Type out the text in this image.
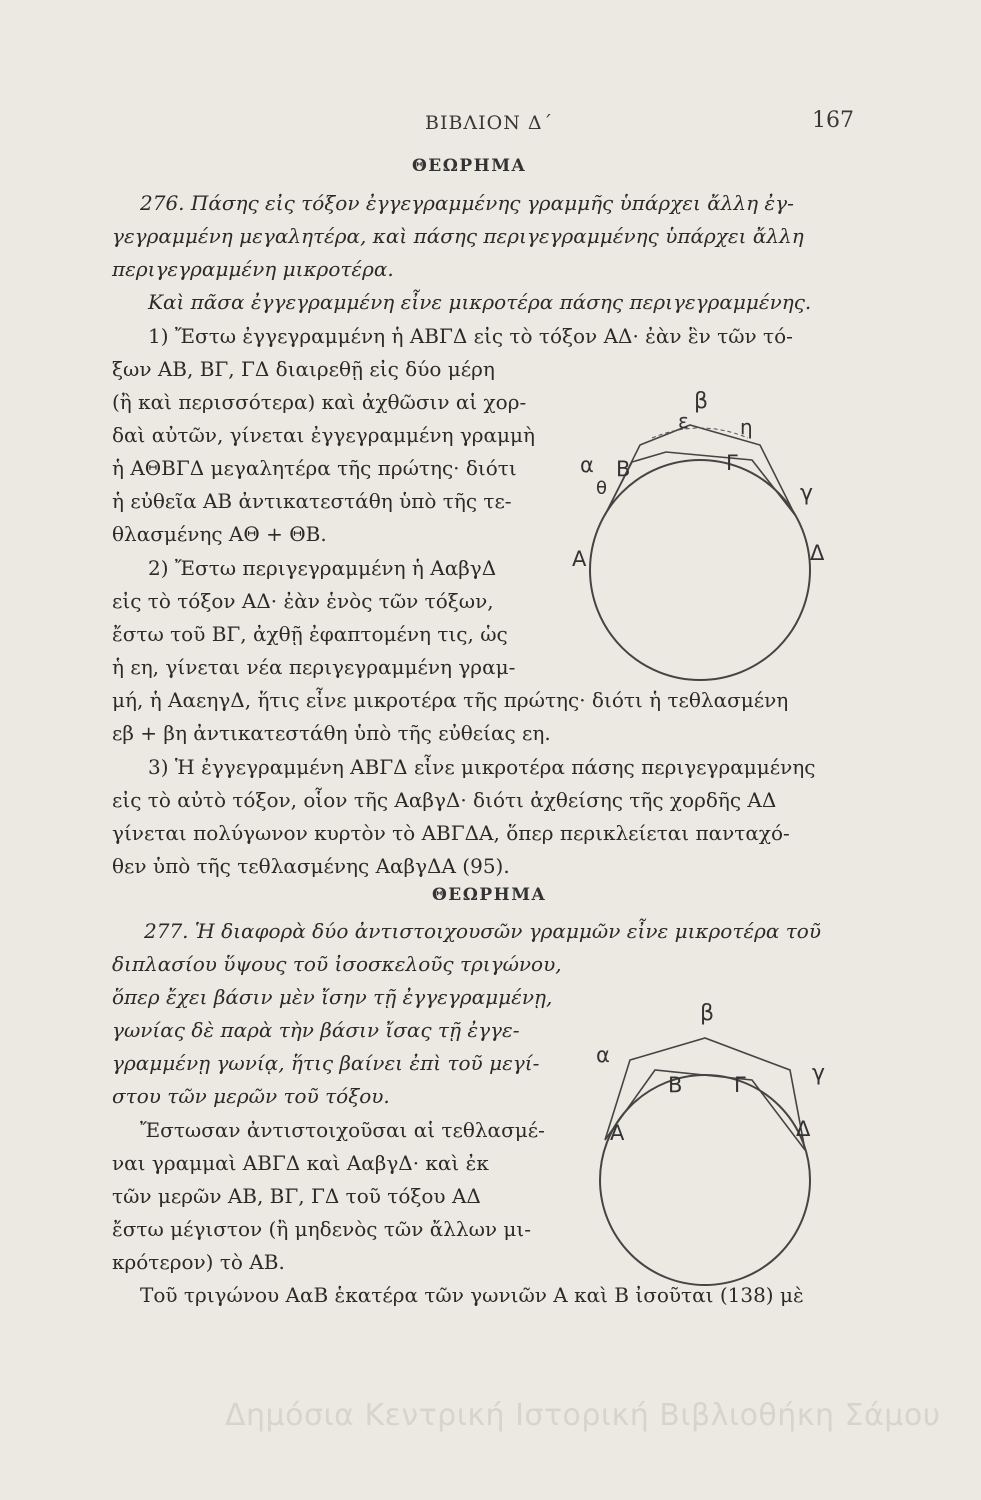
ΒΙΒΛΙΟΝ Δ΄	167
ΘΕΩΡΗΜΑ
276. Πάσης εἰς τόξον ἐγγεγραμμένης γραμμῆς ὑπάρχει ἄλλη ἐγ-
γεγραμμένη μεγαλητέρα, καὶ πάσης περιγεγραμμένης ὑπάρχει ἄλλη
περιγεγραμμένη μικροτέρα.
Καὶ πᾶσα ἐγγεγραμμένη εἶνε μικροτέρα πάσης περιγεγραμμένης.
1) Ἔστω ἐγγεγραμμένη ἡ ΑΒΓΔ εἰς τὸ τόξον ΑΔ· ἐὰν ἓν τῶν τό-
ξων ΑΒ, ΒΓ, ΓΔ διαιρεθῇ εἰς δύο μέρη
(ἢ καὶ περισσότερα) καὶ ἀχθῶσιν αἱ χορ-
δαὶ αὐτῶν, γίνεται ἐγγεγραμμένη γραμμὴ
ἡ ΑΘΒΓΔ μεγαλητέρα τῆς πρώτης· διότι
ἡ εὐθεῖα ΑΒ ἀντικατεστάθη ὑπὸ τῆς τε-
θλασμένης ΑΘ + ΘΒ.
2) Ἔστω περιγεγραμμένη ἡ ΑαβγΔ
εἰς τὸ τόξον ΑΔ· ἐὰν ἑνὸς τῶν τόξων,
ἔστω τοῦ ΒΓ, ἀχθῇ ἐφαπτομένη τις, ὡς
ἡ εη, γίνεται νέα περιγεγραμμένη γραμ-
μή, ἡ ΑαεηγΔ, ἥτις εἶνε μικροτέρα τῆς πρώτης· διότι ἡ τεθλασμένη
εβ + βη ἀντικατεστάθη ὑπὸ τῆς εὐθείας εη.
3) Ἡ ἐγγεγραμμένη ΑΒΓΔ εἶνε μικροτέρα πάσης περιγεγραμμένης
εἰς τὸ αὐτὸ τόξον, οἷον τῆς ΑαβγΔ· διότι ἀχθείσης τῆς χορδῆς ΑΔ
γίνεται πολύγωνον κυρτὸν τὸ ΑΒΓΔΑ, ὅπερ περικλείεται πανταχό-
θεν ὑπὸ τῆς τεθλασμένης ΑαβγΔΑ (95).
ΘΕΩΡΗΜΑ
277. Ἡ διαφορὰ δύο ἀντιστοιχουσῶν γραμμῶν εἶνε μικροτέρα τοῦ
διπλασίου ὕψους τοῦ ἰσοσκελοῦς τριγώνου,
ὅπερ ἔχει βάσιν μὲν ἴσην τῇ ἐγγεγραμμένῃ,
γωνίας δὲ παρὰ τὴν βάσιν ἴσας τῇ ἐγγε-
γραμμένῃ γωνίᾳ, ἥτις βαίνει ἐπὶ τοῦ μεγί-
στου τῶν μερῶν τοῦ τόξου.
Ἔστωσαν ἀντιστοιχοῦσαι αἱ τεθλασμέ-
ναι γραμμαὶ ΑΒΓΔ καὶ ΑαβγΔ· καὶ ἐκ
τῶν μερῶν ΑΒ, ΒΓ, ΓΔ τοῦ τόξου ΑΔ
ἔστω μέγιστον (ἢ μηδενὸς τῶν ἄλλων μι-
κρότερον) τὸ ΑΒ.
Τοῦ τριγώνου ΑαΒ ἑκατέρα τῶν γωνιῶν Α καὶ Β ἰσοῦται (138) μὲ
β
ε	η
α
θ
Β	Γ
γ
Α	Δ
β
α
Β Γ	γ
Α	Δ
Δημόσια Κεντρική Ιστορική Βιβλιοθήκη Σάμου
